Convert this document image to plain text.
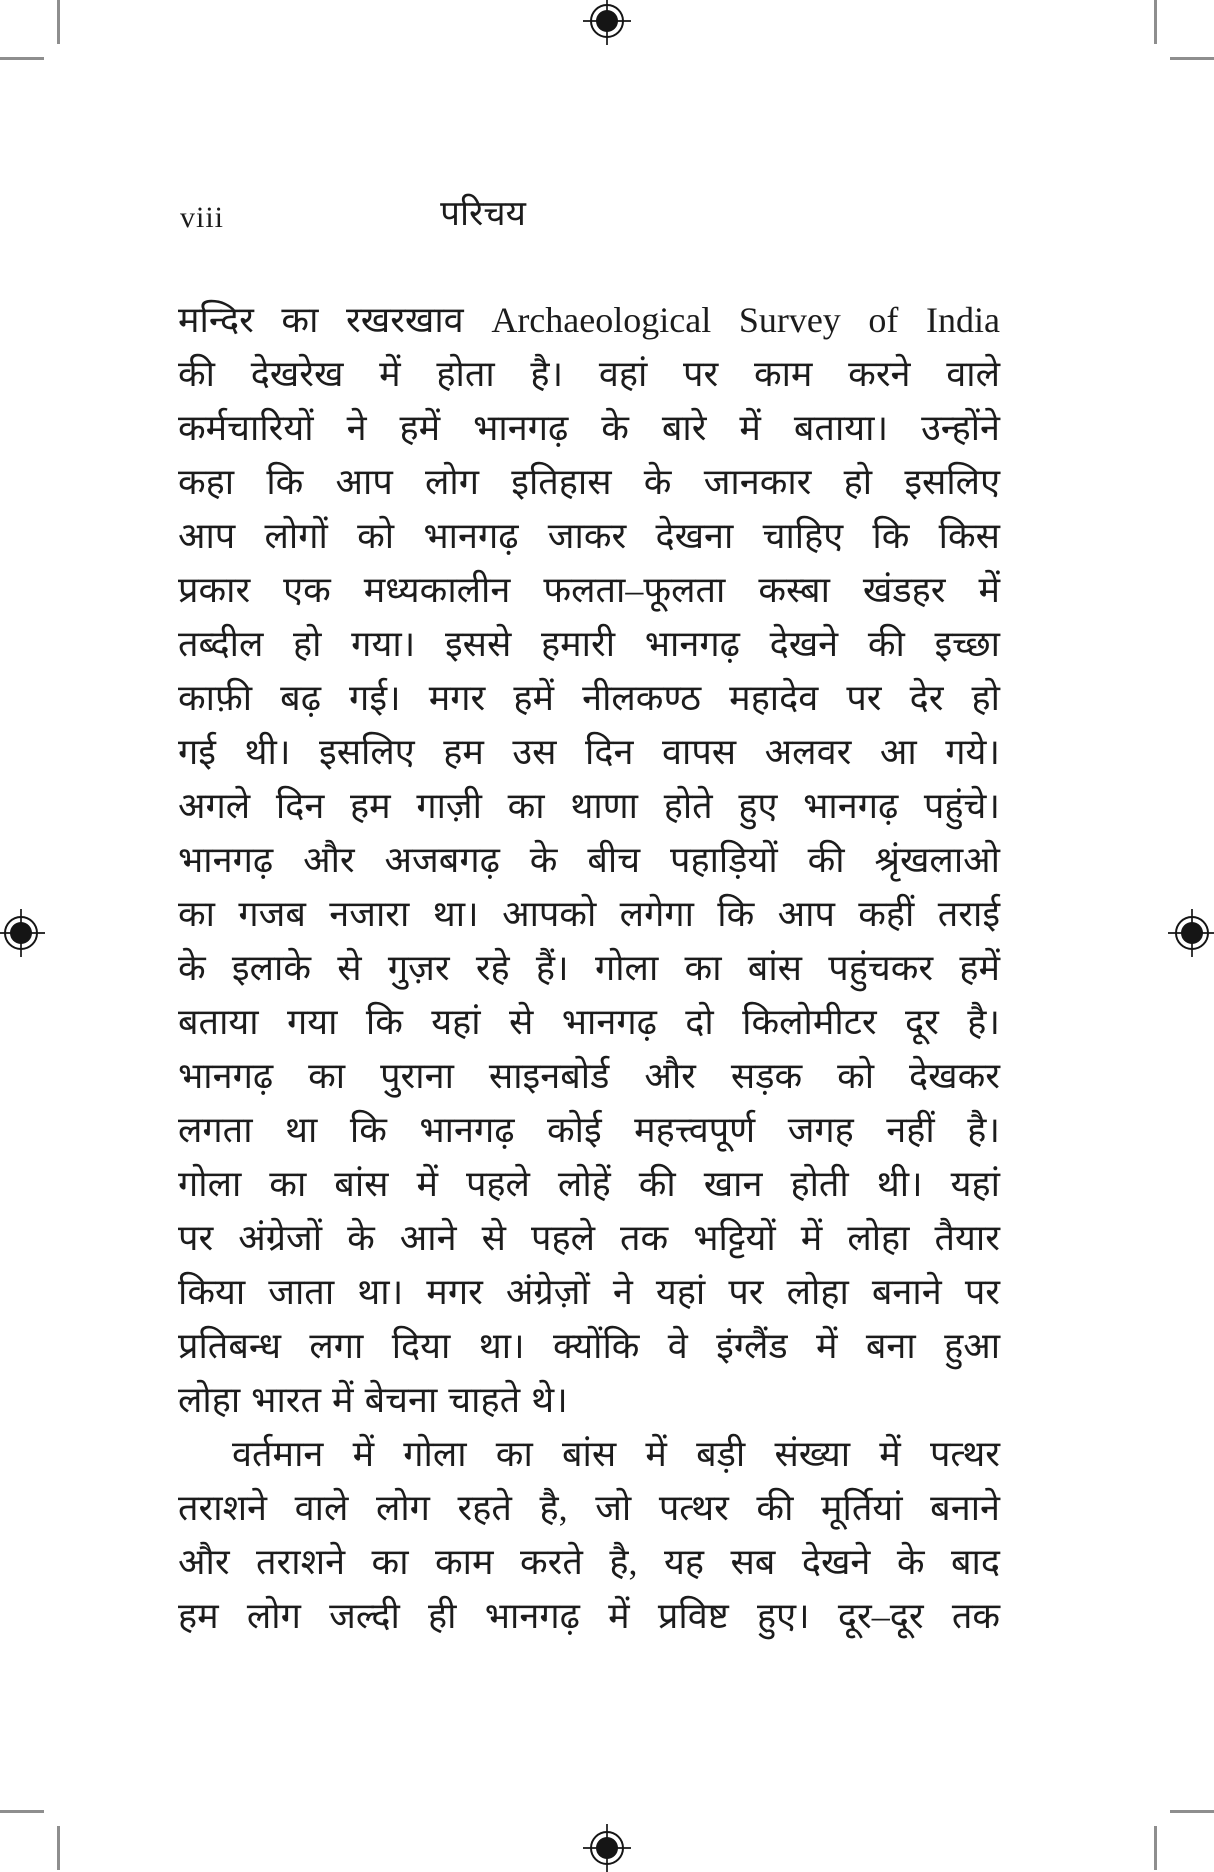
viii	परिचय

मन्दिर का रखरखाव Archaeological Survey of India
की देखरेख में होता है। वहां पर काम करने वाले
कर्मचारियों ने हमें भानगढ़ के बारे में बताया। उन्होंने
कहा कि आप लोग इतिहास के जानकार हो इसलिए
आप लोगों को भानगढ़ जाकर देखना चाहिए कि किस
प्रकार एक मध्यकालीन फलता–फूलता कस्बा खंडहर में
तब्दील हो गया। इससे हमारी भानगढ़ देखने की इच्छा
काफ़ी बढ़ गई। मगर हमें नीलकण्ठ महादेव पर देर हो
गई थी। इसलिए हम उस दिन वापस अलवर आ गये।
अगले दिन हम गाज़ी का थाणा होते हुए भानगढ़ पहुंचे।
भानगढ़ और अजबगढ़ के बीच पहाड़ियों की श्रृंखलाओ
का गजब नजारा था। आपको लगेगा कि आप कहीं तराई
के इलाके से गुज़र रहे हैं। गोला का बांस पहुंचकर हमें
बताया गया कि यहां से भानगढ़ दो किलोमीटर दूर है।
भानगढ़ का पुराना साइनबोर्ड और सड़क को देखकर
लगता था कि भानगढ़ कोई महत्त्वपूर्ण जगह नहीं है।
गोला का बांस में पहले लोहें की खान होती थी। यहां
पर अंग्रेजों के आने से पहले तक भट्टियों में लोहा तैयार
किया जाता था। मगर अंग्रेज़ों ने यहां पर लोहा बनाने पर
प्रतिबन्ध लगा दिया था। क्योंकि वे इंग्लैंड में बना हुआ
लोहा भारत में बेचना चाहते थे।

वर्तमान में गोला का बांस में बड़ी संख्या में पत्थर
तराशने वाले लोग रहते है, जो पत्थर की मूर्तियां बनाने
और तराशने का काम करते है, यह सब देखने के बाद
हम लोग जल्दी ही भानगढ़ में प्रविष्ट हुए। दूर–दूर तक
